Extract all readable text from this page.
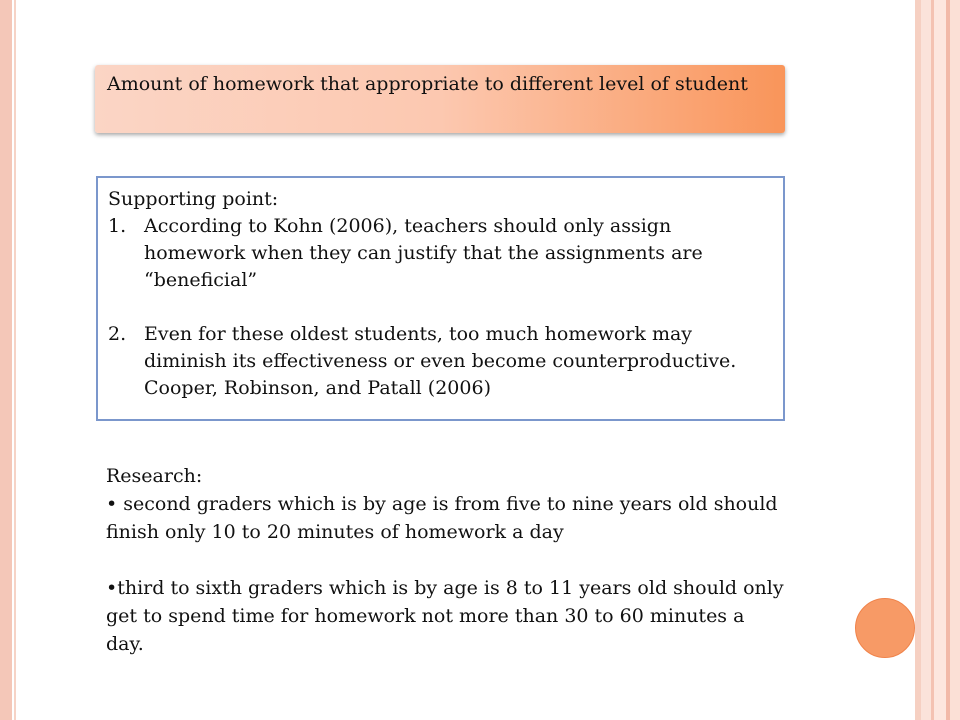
Amount of homework that appropriate to different level of student

Supporting point:

1. According to Kohn (2006), teachers should only assign homework when they can justify that the assignments are “beneficial”
2. Even for these oldest students, too much homework may diminish its effectiveness or even become counterproductive. Cooper, Robinson, and Patall (2006)

Research:

• second graders which is by age is from five to nine years old should finish only 10 to 20 minutes of homework a day

•third to sixth graders which is by age is 8 to 11 years old should only get to spend time for homework not more than 30 to 60 minutes a day.
